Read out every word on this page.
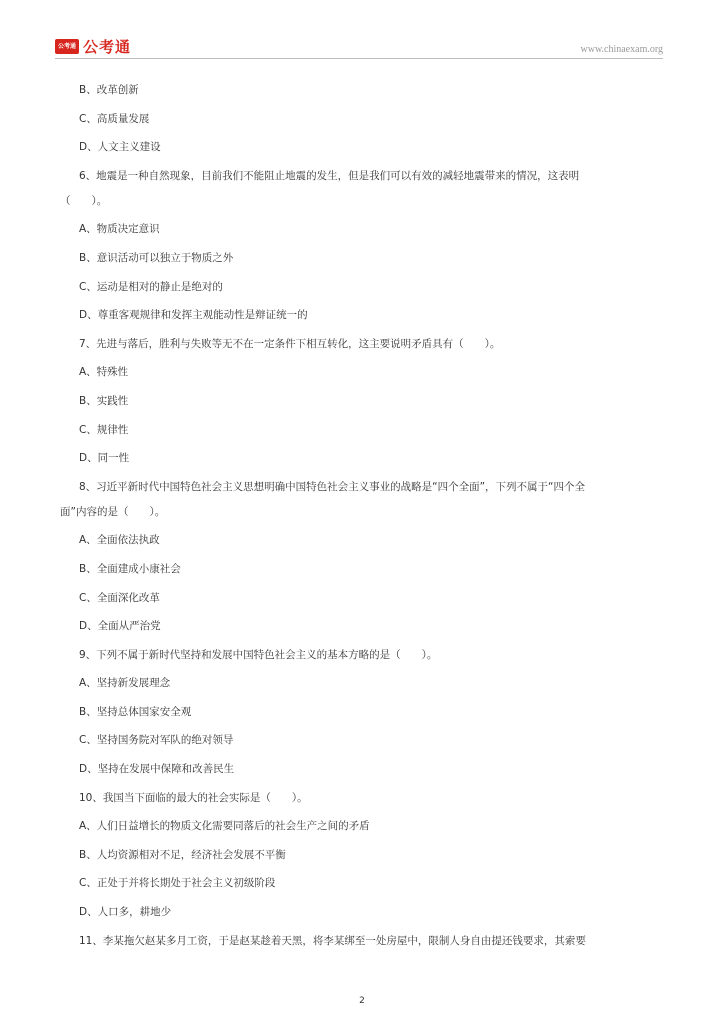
公考通 公考通	www.chinaexam.org
B、改革创新
C、高质量发展
D、人文主义建设
6、地震是一种自然现象，目前我们不能阻止地震的发生，但是我们可以有效的减轻地震带来的情况，这表明
（　　）。
A、物质决定意识
B、意识活动可以独立于物质之外
C、运动是相对的静止是绝对的
D、尊重客观规律和发挥主观能动性是辩证统一的
7、先进与落后，胜利与失败等无不在一定条件下相互转化，这主要说明矛盾具有（　　）。
A、特殊性
B、实践性
C、规律性
D、同一性
8、习近平新时代中国特色社会主义思想明确中国特色社会主义事业的战略是“四个全面”，下列不属于“四个全
面”内容的是（　　）。
A、全面依法执政
B、全面建成小康社会
C、全面深化改革
D、全面从严治党
9、下列不属于新时代坚持和发展中国特色社会主义的基本方略的是（　　）。
A、坚持新发展理念
B、坚持总体国家安全观
C、坚持国务院对军队的绝对领导
D、坚持在发展中保障和改善民生
10、我国当下面临的最大的社会实际是（　　）。
A、人们日益增长的物质文化需要同落后的社会生产之间的矛盾
B、人均资源相对不足，经济社会发展不平衡
C、正处于并将长期处于社会主义初级阶段
D、人口多，耕地少
11、李某拖欠赵某多月工资，于是赵某趁着天黑，将李某绑至一处房屋中，限制人身自由提还钱要求，其索要
2
